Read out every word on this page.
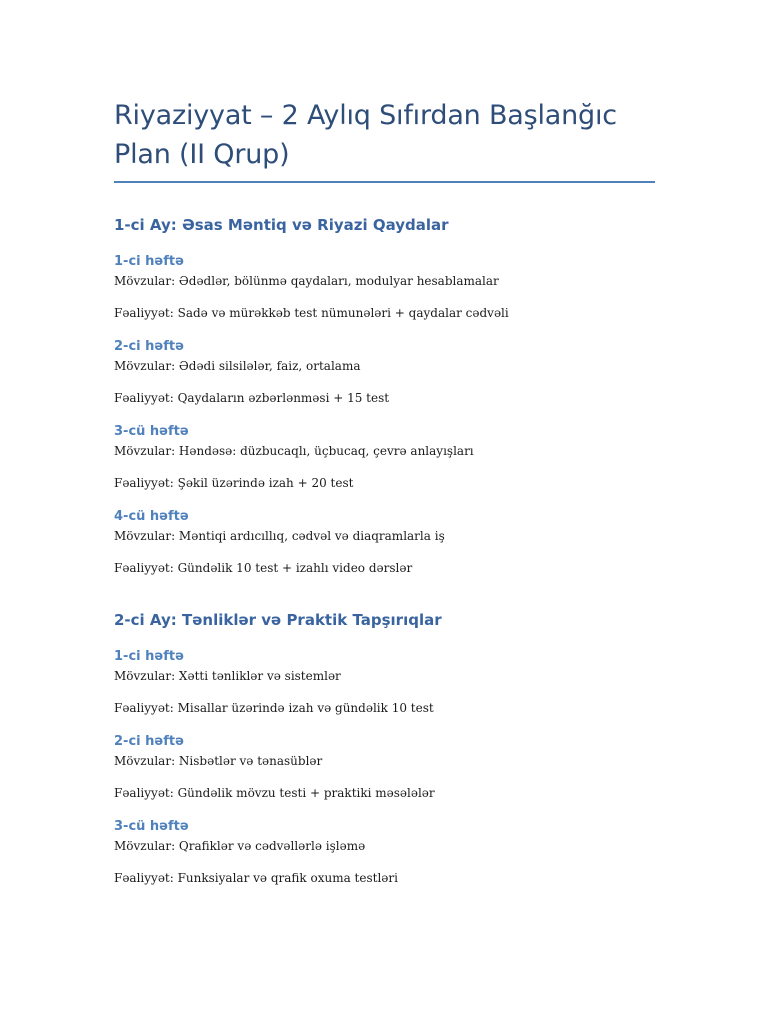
Riyaziyyat – 2 Aylıq Sıfırdan Başlanğıc Plan (II Qrup)
1-ci Ay: Əsas Məntiq və Riyazi Qaydalar
1-ci həftə

Mövzular: Ədədlər, bölünmə qaydaları, modulyar hesablamalar

Fəaliyyət: Sadə və mürəkkəb test nümunələri + qaydalar cədvəli

2-ci həftə

Mövzular: Ədədi silsilələr, faiz, ortalama

Fəaliyyət: Qaydaların əzbərlənməsi + 15 test

3-cü həftə

Mövzular: Həndəsə: düzbucaqlı, üçbucaq, çevrə anlayışları

Fəaliyyət: Şəkil üzərində izah + 20 test

4-cü həftə

Mövzular: Məntiqi ardıcıllıq, cədvəl və diaqramlarla iş

Fəaliyyət: Gündəlik 10 test + izahlı video dərslər

2-ci Ay: Tənliklər və Praktik Tapşırıqlar
1-ci həftə

Mövzular: Xətti tənliklər və sistemlər

Fəaliyyət: Misallar üzərində izah və gündəlik 10 test

2-ci həftə

Mövzular: Nisbətlər və tənasüblər

Fəaliyyət: Gündəlik mövzu testi + praktiki məsələlər

3-cü həftə

Mövzular: Qrafiklər və cədvəllərlə işləmə

Fəaliyyət: Funksiyalar və qrafik oxuma testləri
